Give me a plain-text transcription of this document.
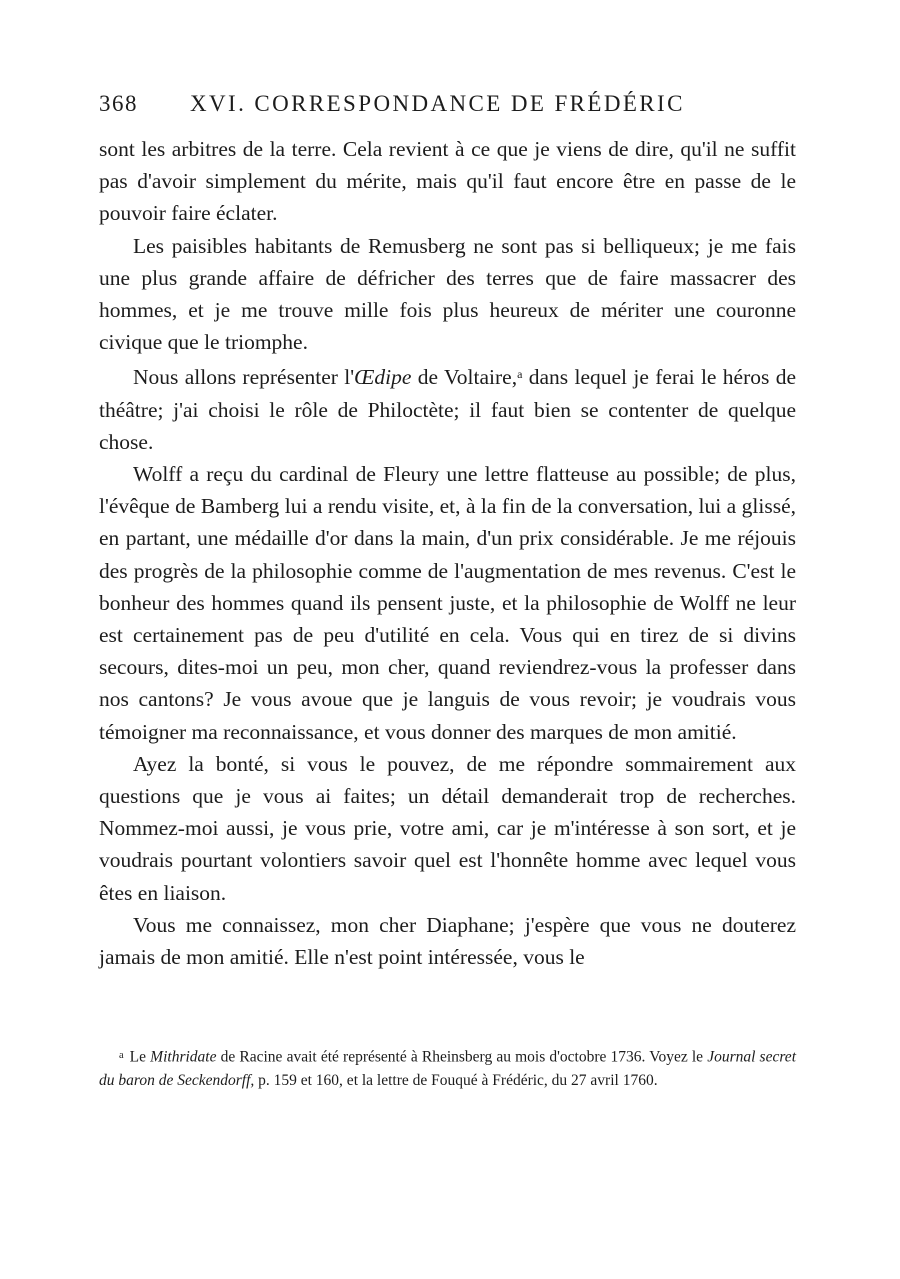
368 XVI. CORRESPONDANCE DE FRÉDÉRIC

sont les arbitres de la terre. Cela revient à ce que je viens de dire, qu'il ne suffit pas d'avoir simplement du mérite, mais qu'il faut encore être en passe de le pouvoir faire éclater.

Les paisibles habitants de Remusberg ne sont pas si belliqueux; je me fais une plus grande affaire de défricher des terres que de faire massacrer des hommes, et je me trouve mille fois plus heureux de mériter une couronne civique que le triomphe.

Nous allons représenter l'Œdipe de Voltaire,$^a$ dans lequel je ferai le héros de théâtre; j'ai choisi le rôle de Philoctète; il faut bien se contenter de quelque chose.

Wolff a reçu du cardinal de Fleury une lettre flatteuse au possible; de plus, l'évêque de Bamberg lui a rendu visite, et, à la fin de la conversation, lui a glissé, en partant, une médaille d'or dans la main, d'un prix considérable. Je me réjouis des progrès de la philosophie comme de l'augmentation de mes revenus. C'est le bonheur des hommes quand ils pensent juste, et la philosophie de Wolff ne leur est certainement pas de peu d'utilité en cela. Vous qui en tirez de si divins secours, dites-moi un peu, mon cher, quand reviendrez-vous la professer dans nos cantons? Je vous avoue que je languis de vous revoir; je voudrais vous témoigner ma reconnaissance, et vous donner des marques de mon amitié.

Ayez la bonté, si vous le pouvez, de me répondre sommairement aux questions que je vous ai faites; un détail demanderait trop de recherches. Nommez-moi aussi, je vous prie, votre ami, car je m'intéresse à son sort, et je voudrais pourtant volontiers savoir quel est l'honnête homme avec lequel vous êtes en liaison.

Vous me connaissez, mon cher Diaphane; j'espère que vous ne douterez jamais de mon amitié. Elle n'est point intéressée, vous le

$^a$ Le Mithridate de Racine avait été représenté à Rheinsberg au mois d'octobre 1736. Voyez le Journal secret du baron de Seckendorff, p. 159 et 160, et la lettre de Fouqué à Frédéric, du 27 avril 1760.
